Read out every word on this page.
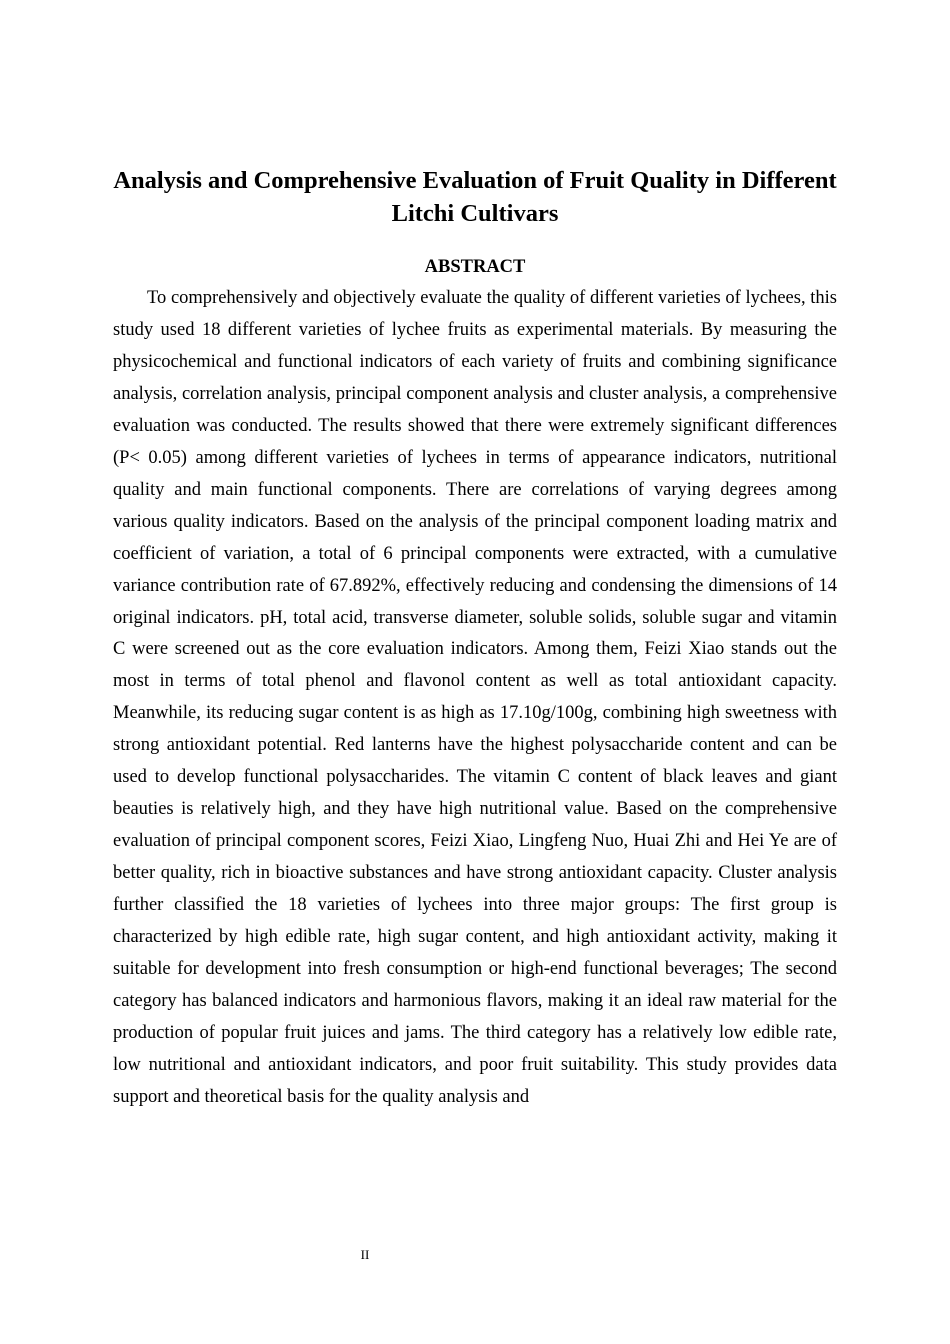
Analysis and Comprehensive Evaluation of Fruit Quality in Different Litchi Cultivars
ABSTRACT

To comprehensively and objectively evaluate the quality of different varieties of lychees, this study used 18 different varieties of lychee fruits as experimental materials. By measuring the physicochemical and functional indicators of each variety of fruits and combining significance analysis, correlation analysis, principal component analysis and cluster analysis, a comprehensive evaluation was conducted. The results showed that there were extremely significant differences (P< 0.05) among different varieties of lychees in terms of appearance indicators, nutritional quality and main functional components. There are correlations of varying degrees among various quality indicators. Based on the analysis of the principal component loading matrix and coefficient of variation, a total of 6 principal components were extracted, with a cumulative variance contribution rate of 67.892%, effectively reducing and condensing the dimensions of 14 original indicators. pH, total acid, transverse diameter, soluble solids, soluble sugar and vitamin C were screened out as the core evaluation indicators. Among them, Feizi Xiao stands out the most in terms of total phenol and flavonol content as well as total antioxidant capacity. Meanwhile, its reducing sugar content is as high as 17.10g/100g, combining high sweetness with strong antioxidant potential. Red lanterns have the highest polysaccharide content and can be used to develop functional polysaccharides. The vitamin C content of black leaves and giant beauties is relatively high, and they have high nutritional value. Based on the comprehensive evaluation of principal component scores, Feizi Xiao, Lingfeng Nuo, Huai Zhi and Hei Ye are of better quality, rich in bioactive substances and have strong antioxidant capacity. Cluster analysis further classified the 18 varieties of lychees into three major groups: The first group is characterized by high edible rate, high sugar content, and high antioxidant activity, making it suitable for development into fresh consumption or high-end functional beverages; The second category has balanced indicators and harmonious flavors, making it an ideal raw material for the production of popular fruit juices and jams. The third category has a relatively low edible rate, low nutritional and antioxidant indicators, and poor fruit suitability. This study provides data support and theoretical basis for the quality analysis and

II
